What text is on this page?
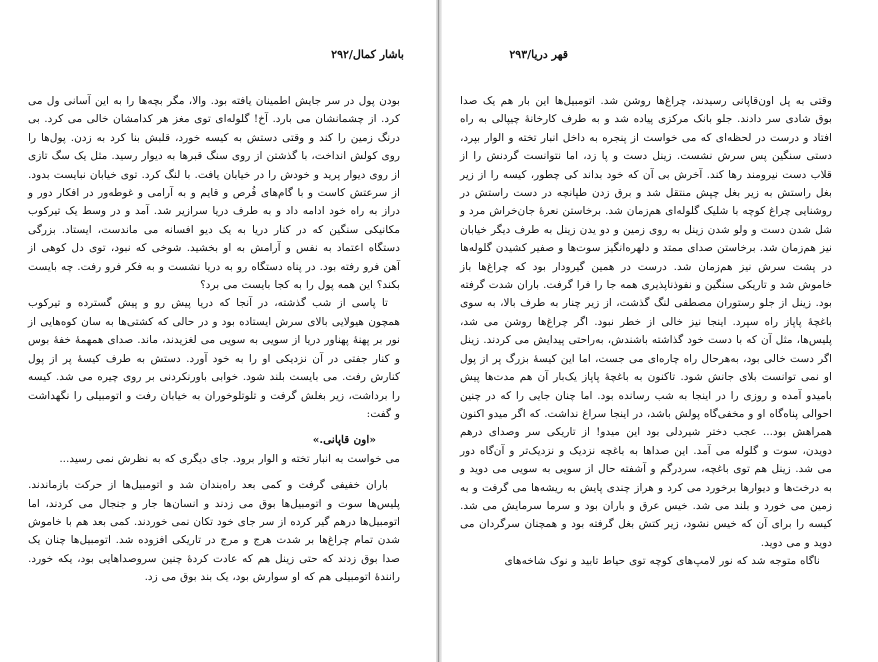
باشار کمال/۲۹۲

بودن پول در سر جایش اطمینان یافته بود. والا، مگر بچه‌ها را به این آسانی ول می کرد. از چشمانشان می بارد. آخ! گلوله‌ای توی مغز هر کدامشان خالی می کرد. بی درنگ زمین را کند و وقتی دستش به کیسه خورد، قلبش بنا کرد به زدن. پول‌ها را روی کولش انداخت، با گذشتن از روی سنگ قبرها به دیوار رسید. مثل یک سگ تازی از روی دیوار پرید و خودش را در خیابان یافت. با لنگ کرد. توی خیابان نبایست بدود. از سرعتش کاست و با گام‌های فُرص و قایم و به آرامی و غوطه‌ور در افکار دور و دراز به راه خود ادامه داد و به طرف دریا سرازیر شد. آمد و در وسط یک تیرکوب مکانیکی سنگین که در کنار دریا به یک دیو افسانه می ماندست، ایستاد. بزرگی دستگاه اعتماد به نفس و آرامش به او بخشید. شوخی که نبود، توی دل کوهی از آهن فرو رفته بود. در پناه دستگاه رو به دریا نشست و به فکر فرو رفت. چه بایست بکند؟ این همه پول را به کجا بایست می برد؟

تا پاسی از شب گذشته، در آنجا که دریا پیش رو و پیش گسترده و تیرکوب همچون هیولایی بالای سرش ایستاده بود و در حالی که کشتی‌ها به سان کوه‌هایی از نور بر پهنهٔ پهناور دریا از سویی به سویی می لغزیدند، ماند. صدای همهمهٔ خفهٔ بوس و کنار جفتی در آن نزدیکی او را به خود آورد. دستش به طرف کیسهٔ پر از پول کنارش رفت. می بایست بلند شود. خوابی باورنکردنی بر روی چیره می شد. کیسه را برداشت، زیر بغلش گرفت و تلوتلوخوران به خیابان رفت و اتومبیلی را نگهداشت و گفت:

«اون قاپانی.»

می خواست به انبار تخته و الوار برود. جای دیگری که به نظرش نمی رسید...

باران خفیفی گرفت و کمی بعد راه‌بندان شد و اتومبیل‌ها از حرکت بازماندند. پلیس‌ها سوت و اتومبیل‌ها بوق می زدند و انسان‌ها جار و جنجال می کردند، اما اتومبیل‌ها درهم گیر کرده از سر جای خود تکان نمی خوردند. کمی بعد هم با خاموش شدن تمام چراغ‌ها بر شدت هرج و مرج در تاریکی افزوده شد. اتومبیل‌ها چنان یک صدا بوق زدند که حتی زینل هم که عادت کردهٔ چنین سروصداهایی بود، یکه خورد. رانندهٔ اتومبیلی هم که او سوارش بود، یک بند بوق می زد.

قهر دریا/۲۹۳

وقتی به پل اون‌قاپانی رسیدند، چراغ‌ها روشن شد. اتومبیل‌ها این بار هم یک صدا بوق شادی سر دادند. جلو بانک مرکزی پیاده شد و به طرف کارخانهٔ چیپالی به راه افتاد و درست در لحظه‌ای که می خواست از پنجره به داخل انبار تخته و الوار بپرد، دستی سنگین پس سرش نشست. زینل دست و پا زد، اما نتوانست گردنش را از قلاب دست نیرومند رها کند. آخرش بی آن که خود بداند کی چطور، کیسه را از زیر بغل راستش به زیر بغل چپش منتقل شد و برق زدن طپانچه در دست راستش در روشنایی چراغ کوچه با شلیک گلوله‌ای هم‌زمان شد. برخاستن نعرهٔ جان‌خراش مرد و شل شدن دست و ولو شدن زینل به روی زمین و دو یدن زینل به طرف دیگر خیابان نیز هم‌زمان شد. برخاستن صدای ممتد و دلهره‌انگیز سوت‌ها و صفیر کشیدن گلوله‌ها در پشت سرش نیز هم‌زمان شد. درست در همین گیرودار بود که چراغ‌ها باز خاموش شد و تاریکی سنگین و نفوذناپذیری همه جا را فرا گرفت. باران شدت گرفته بود. زینل از جلو رستوران مصطفی لنگ گذشت، از زیر چنار به طرف بالا، به سوی باغچهٔ پاپاز راه سپرد. اینجا نیز خالی از خطر نبود. اگر چراغ‌ها روشن می شد، پلیس‌ها، مثل آن که با دست خود گذاشته باشندش، به‌راحتی پیدایش می کردند. زینل اگر دست خالی بود، به‌هرحال راه چاره‌ای می جست، اما این کیسهٔ بزرگ پر از پول او نمی توانست بلای جانش شود. تاکنون به باغچهٔ پاپاز یک‌بار آن هم مدت‌ها پیش بامیدو آمده و روزی را در اینجا به شب رسانده بود. اما چنان جایی را که در چنین احوالی پناه‌گاه او و مخفی‌گاه پولش باشد، در اینجا سراغ نداشت. که اگر میدو اکنون همراهش بود... عجب دختر شیردلی بود این میدو! از تاریکی سر وصدای درهم دویدن، سوت و گلوله می آمد. این صداها به باغچه نزدیک و نزدیک‌تر و آن‌گاه دور می شد. زینل هم توی باغچه، سردرگم و آشفته حال از سویی به سویی می دوید و به درخت‌ها و دیوارها برخورد می کرد و هراز چندی پایش به ریشه‌ها می گرفت و به زمین می خورد و بلند می شد. خیس عرق و باران بود و سرما سرمایش می شد. کیسه را برای آن که خیس نشود، زیر کتش بغل گرفته بود و همچنان سرگردان می دوید و می دوید.

ناگاه متوجه شد که نور لامپ‌های کوچه توی حیاط تابید و نوک شاخه‌های
